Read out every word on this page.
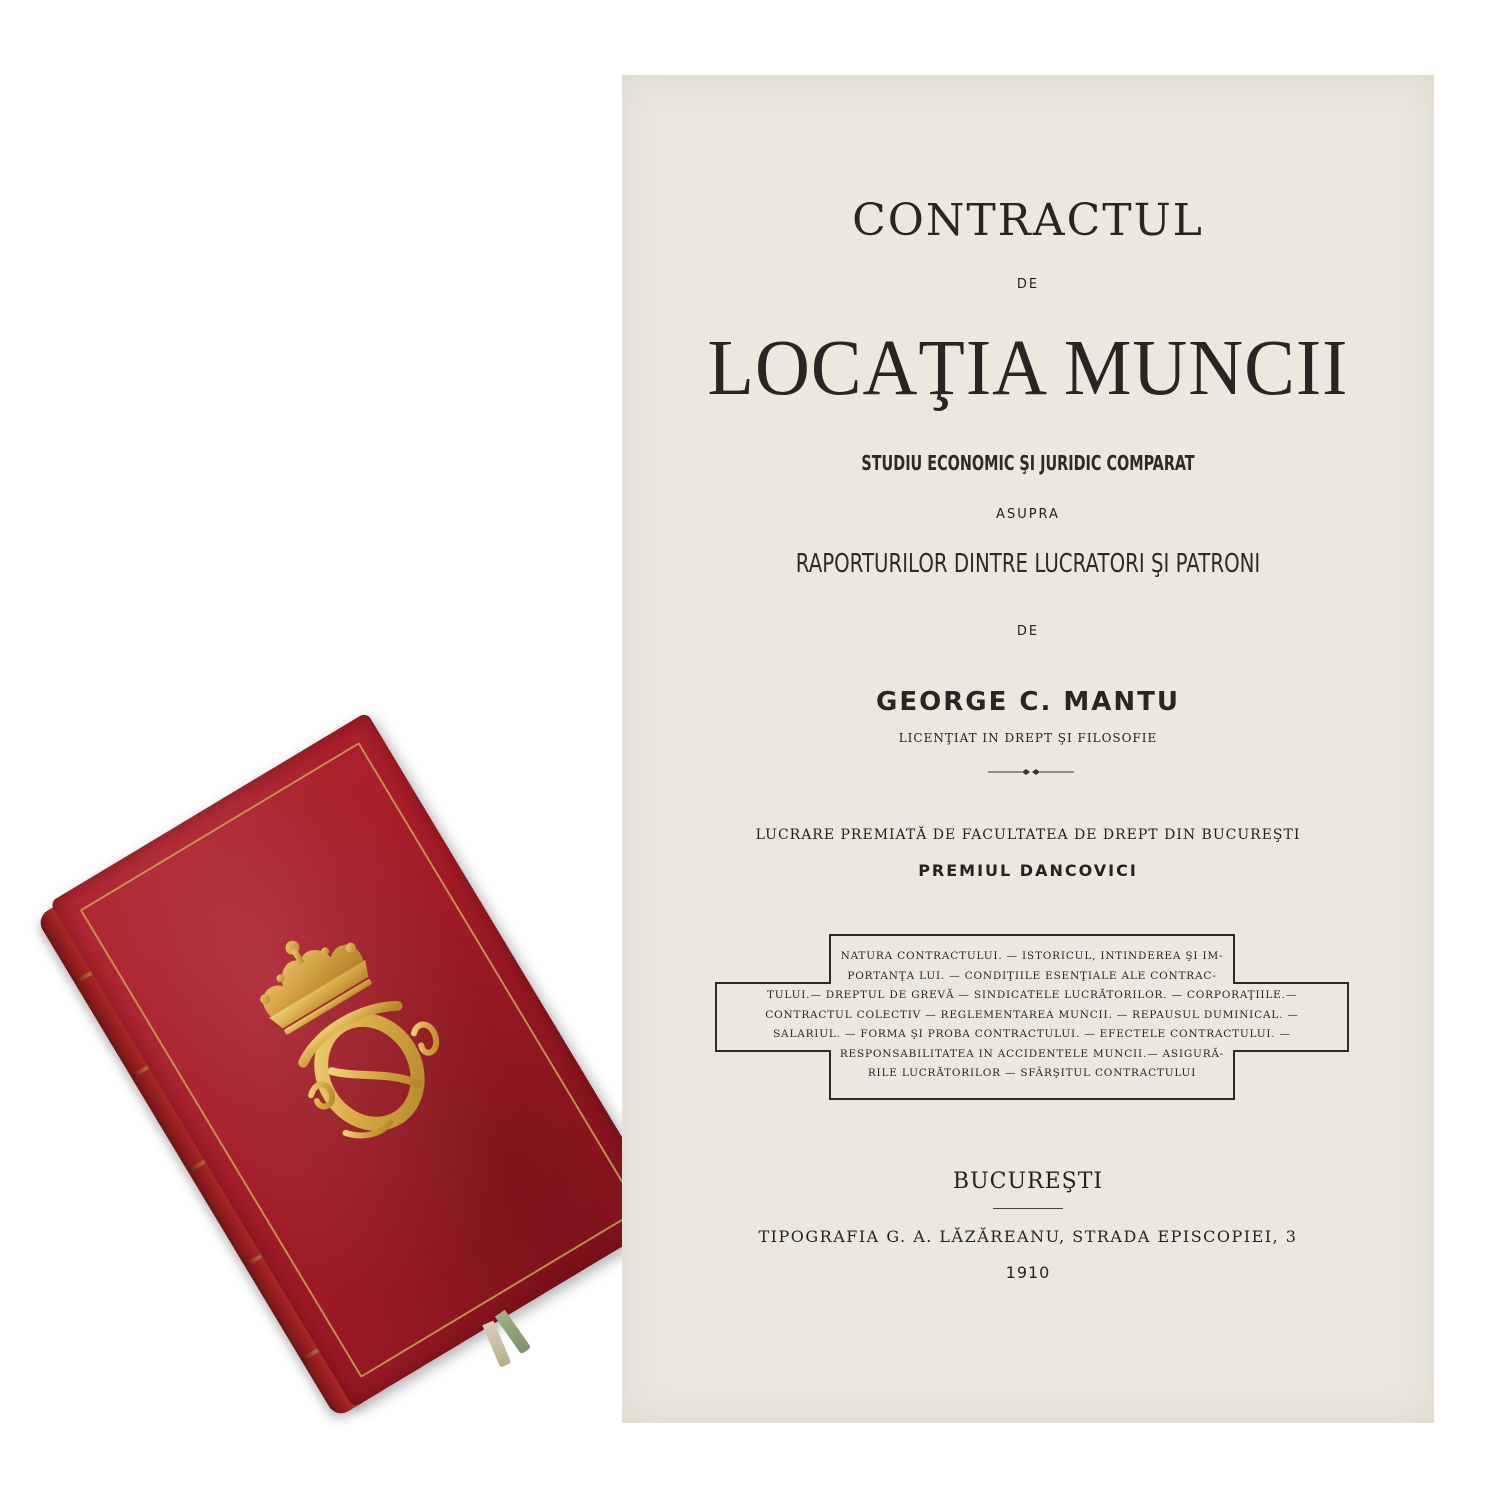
CONTRACTUL
DE
LOCAŢIA MUNCII
STUDIU ECONOMIC ŞI JURIDIC COMPARAT
ASUPRA
RAPORTURILOR DINTRE LUCRATORI ŞI PATRONI
DE
GEORGE C. MANTU
LICENŢIAT IN DREPT ŞI FILOSOFIE
LUCRARE PREMIATĂ DE FACULTATEA DE DREPT DIN BUCUREŞTI
PREMIUL DANCOVICI
NATURA CONTRACTULUI. — ISTORICUL, INTINDEREA ŞI IM-
PORTANŢA LUI. — CONDIŢIILE ESENŢIALE ALE CONTRAC-
TULUI.— DREPTUL DE GREVĂ — SINDICATELE LUCRĂTORILOR. — CORPORAŢIILE.—
CONTRACTUL COLECTIV — REGLEMENTAREA MUNCII. — REPAUSUL DUMINICAL. —
SALARIUL. — FORMA ŞI PROBA CONTRACTULUI. — EFECTELE CONTRACTULUI. —
RESPONSABILITATEA IN ACCIDENTELE MUNCII.— ASIGURĂ-
RILE LUCRĂTORILOR — SFÂRŞITUL CONTRACTULUI
BUCUREŞTI
TIPOGRAFIA G. A. LĂZĂREANU, STRADA EPISCOPIEI, 3
1910
